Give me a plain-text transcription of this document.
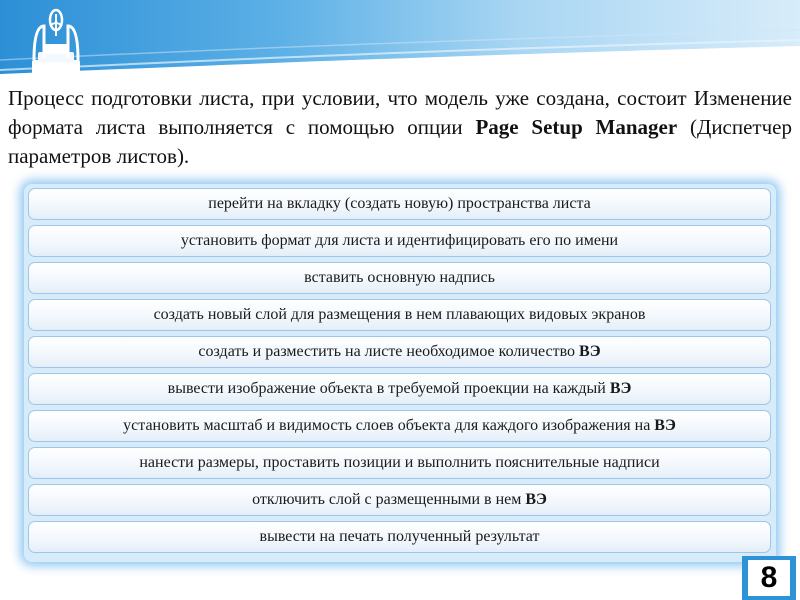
Процесс подготовки листа, при условии, что модель уже создана, состоит Изменение формата листа выполняется с помощью опции Page Setup Manager (Диспетчер параметров листов).

перейти на вкладку (создать новую) пространства листа
установить формат для листа и идентифицировать его по имени
вставить основную надпись
создать новый слой для размещения в нем плавающих видовых экранов
создать и разместить на листе необходимое количество ВЭ
вывести изображение объекта в требуемой проекции на каждый ВЭ
установить масштаб и видимость слоев объекта для каждого изображения на ВЭ
нанести размеры, проставить позиции и выполнить пояснительные надписи
отключить слой с размещенными в нем ВЭ
вывести на печать полученный результат
8
